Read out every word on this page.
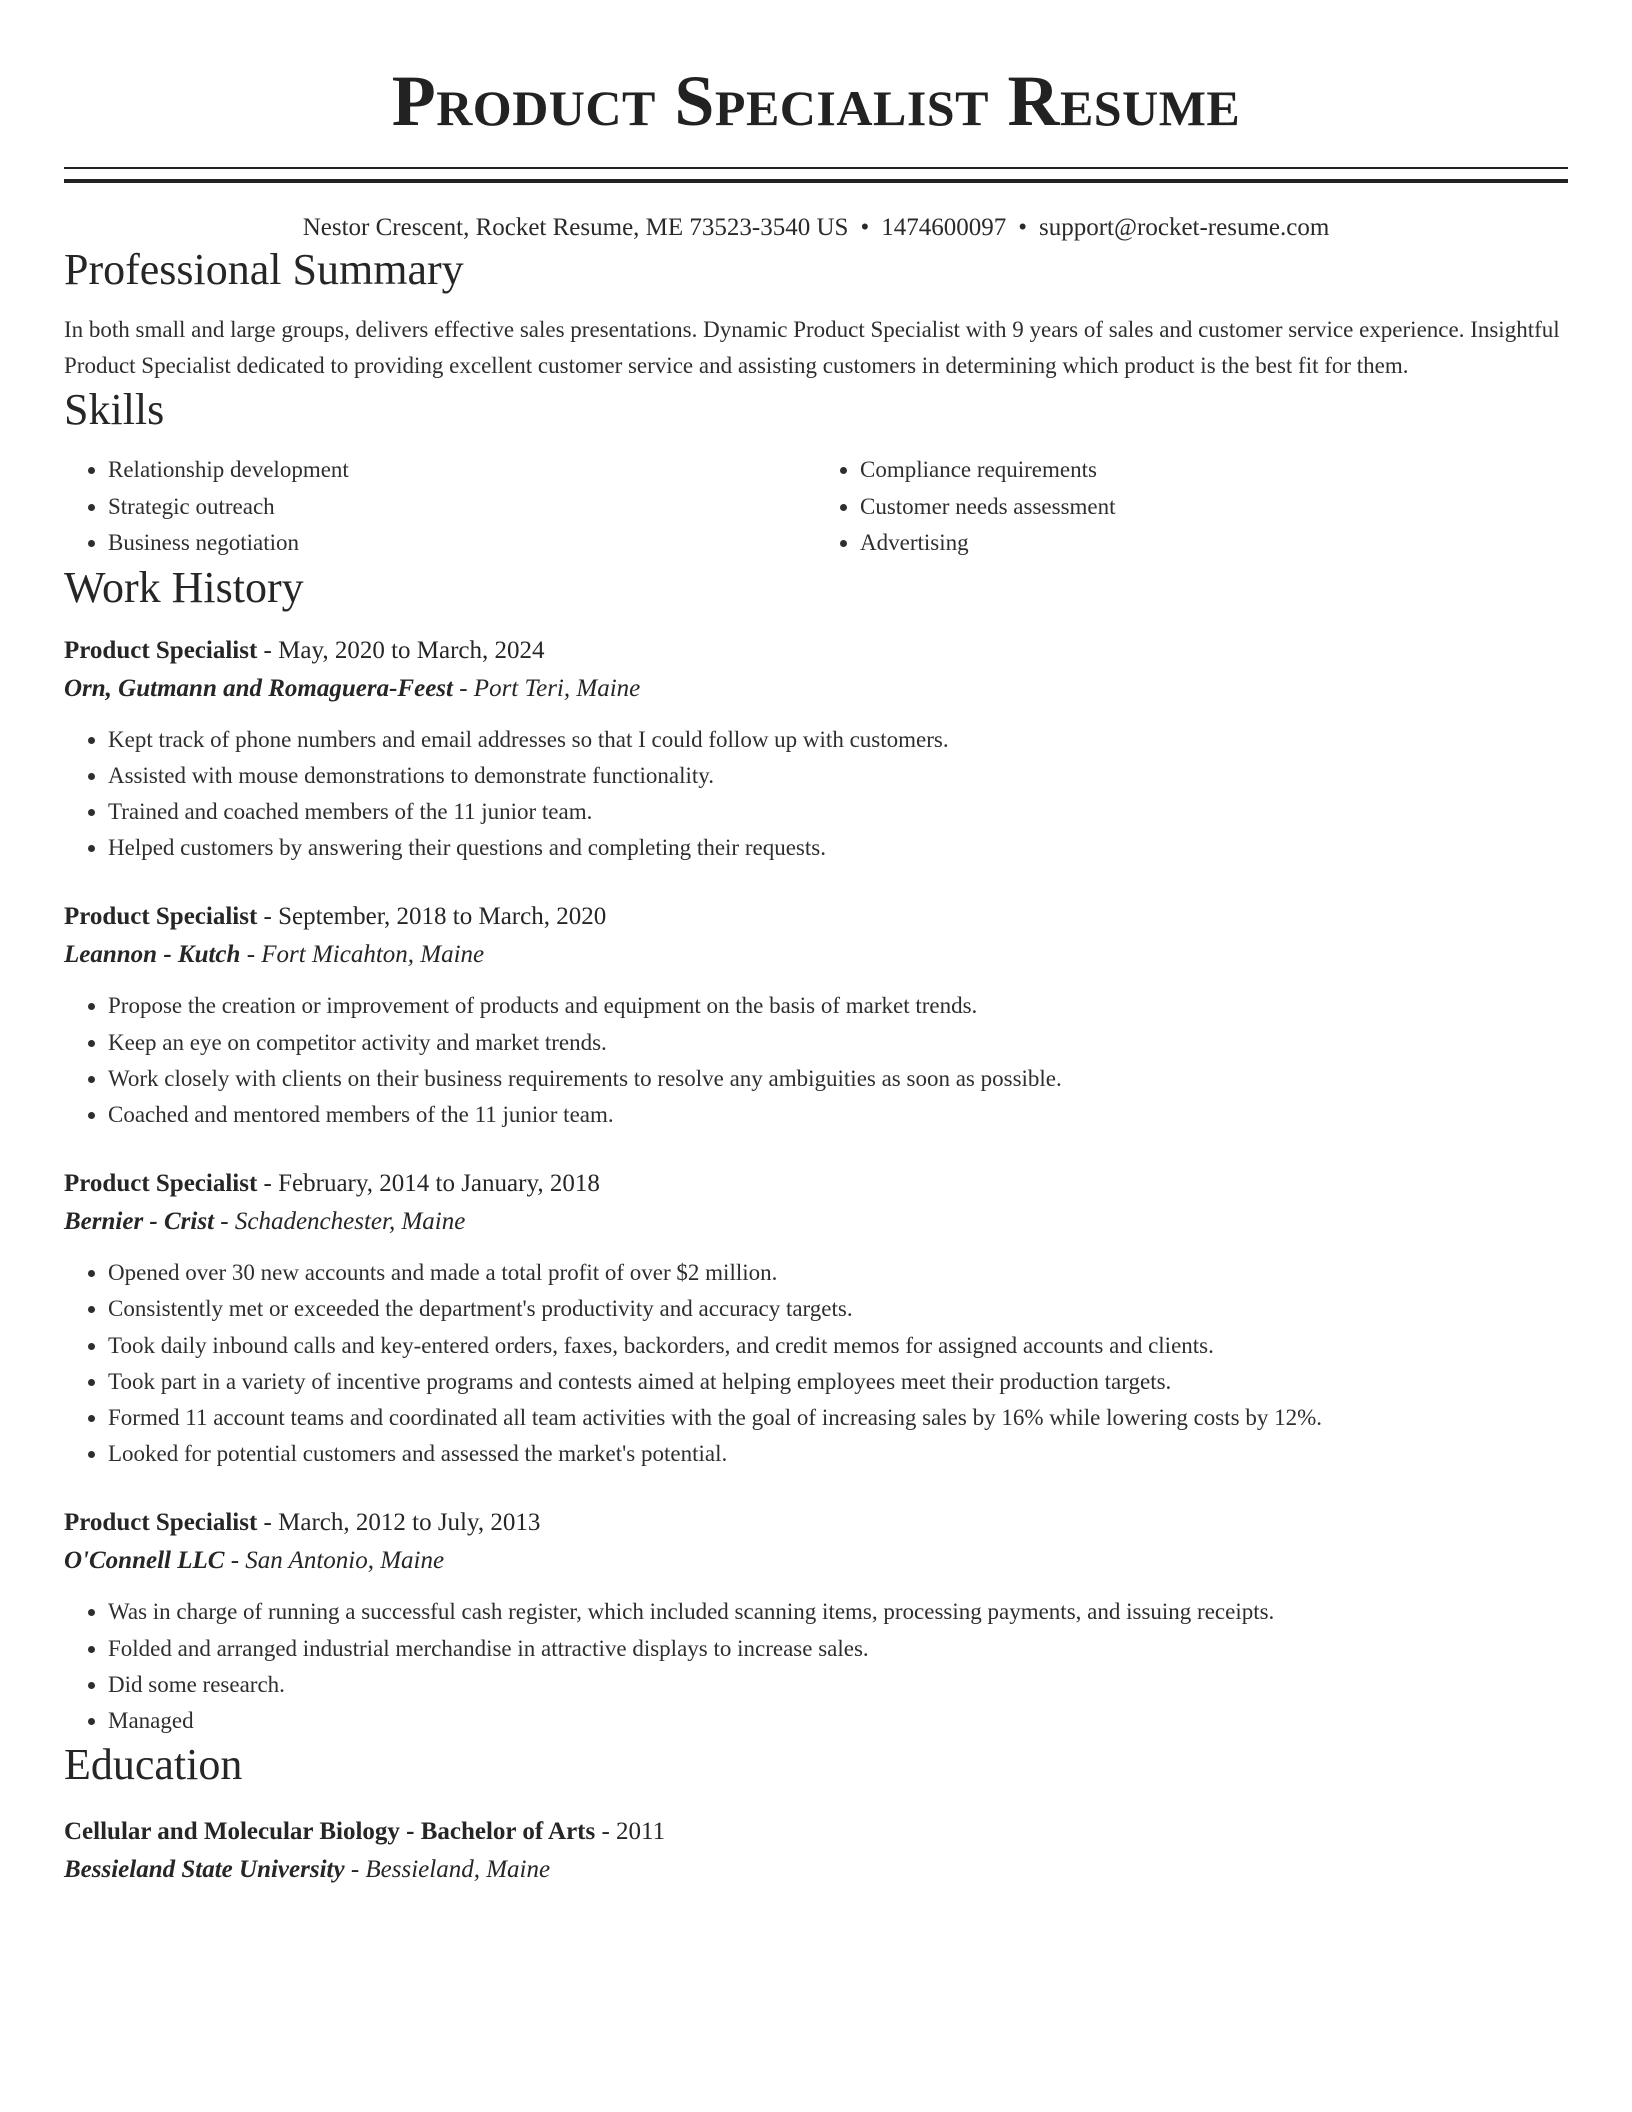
Product Specialist Resume
Nestor Crescent, Rocket Resume, ME 73523-3540 US • 1474600097 • support@rocket-resume.com
Professional Summary

In both small and large groups, delivers effective sales presentations. Dynamic Product Specialist with 9 years of sales and customer service experience. Insightful Product Specialist dedicated to providing excellent customer service and assisting customers in determining which product is the best fit for them.

Skills
• Relationship development
• Strategic outreach
• Business negotiation
• Compliance requirements
• Customer needs assessment
• Advertising
Work History
Product Specialist - May, 2020 to March, 2024
Orn, Gutmann and Romaguera-Feest - Port Teri, Maine
• Kept track of phone numbers and email addresses so that I could follow up with customers.
• Assisted with mouse demonstrations to demonstrate functionality.
• Trained and coached members of the 11 junior team.
• Helped customers by answering their questions and completing their requests.
Product Specialist - September, 2018 to March, 2020
Leannon - Kutch - Fort Micahton, Maine
• Propose the creation or improvement of products and equipment on the basis of market trends.
• Keep an eye on competitor activity and market trends.
• Work closely with clients on their business requirements to resolve any ambiguities as soon as possible.
• Coached and mentored members of the 11 junior team.
Product Specialist - February, 2014 to January, 2018
Bernier - Crist - Schadenchester, Maine
• Opened over 30 new accounts and made a total profit of over $2 million.
• Consistently met or exceeded the department's productivity and accuracy targets.
• Took daily inbound calls and key-entered orders, faxes, backorders, and credit memos for assigned accounts and clients.
• Took part in a variety of incentive programs and contests aimed at helping employees meet their production targets.
• Formed 11 account teams and coordinated all team activities with the goal of increasing sales by 16% while lowering costs by 12%.
• Looked for potential customers and assessed the market's potential.
Product Specialist - March, 2012 to July, 2013
O'Connell LLC - San Antonio, Maine
• Was in charge of running a successful cash register, which included scanning items, processing payments, and issuing receipts.
• Folded and arranged industrial merchandise in attractive displays to increase sales.
• Did some research.
• Managed
Education
Cellular and Molecular Biology - Bachelor of Arts - 2011
Bessieland State University - Bessieland, Maine
